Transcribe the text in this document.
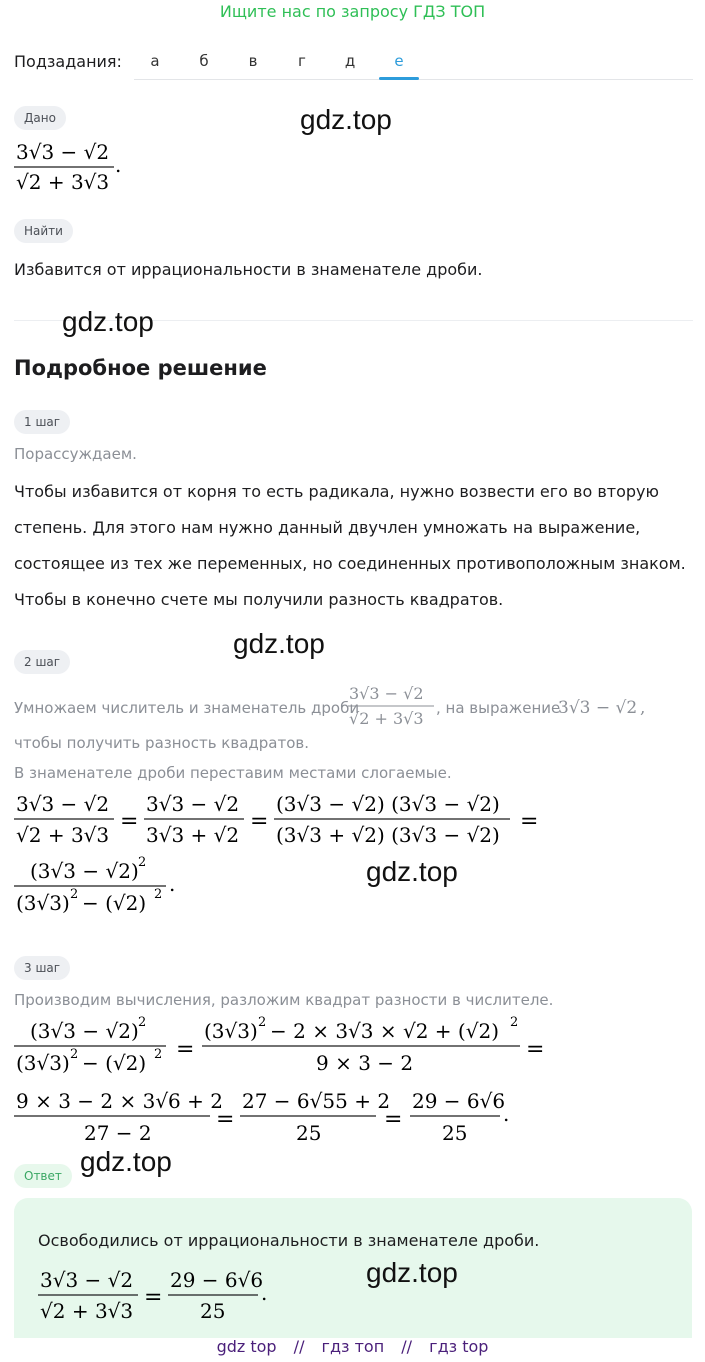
Ищите нас по запросу ГДЗ ТОП
Подзадания:	а	б	в	г	д	е
Дано	gdz.top
3√3 − √2
√2 + 3√3
.
Найти
Избавится от иррациональности в знаменателе дроби.
gdz.top
Подробное решение
1 шаг
Порассуждаем.
Чтобы избавится от корня то есть радикала, нужно возвести его во вторую
степень. Для этого нам нужно данный двучлен умножать на выражение,
состоящее из тех же переменных, но соединенных противоположным знаком.
Чтобы в конечно счете мы получили разность квадратов.
gdz.top
2 шаг
Умножаем числитель и знаменатель дроби
3√3 − √2
√2 + 3√3
, на выражение
3√3 − √2 ,
чтобы получить разность квадратов.
В знаменателе дроби переставим местами слогаемые.
3√3 − √2
√2 + 3√3
=
3√3 − √2
3√3 + √2
=
(3√3 − √2) (3√3 − √2)
(3√3 + √2) (3√3 − √2)
=
(3√3 − √2) 2
(3√3) 2 − (√2) 2 .	gdz.top
3 шаг
Производим вычисления, разложим квадрат разности в числителе.
(3√3 − √2) 2
(3√3) 2 − (√2) 2 =
(3√3) 2 − 2 × 3√3 × √2 + (√2) 2
9 × 3 − 2
=
9 × 3 − 2 × 3√6 + 2
27 − 2
=
27 − 6√55 + 2
25
=
29 − 6√6
25
.
Ответ gdz.top
Освободились от иррациональности в знаменателе дроби.
3√3 − √2
√2 + 3√3
=
29 − 6√6
25
.
gdz.top
gdz top // гдз топ // гдз top
